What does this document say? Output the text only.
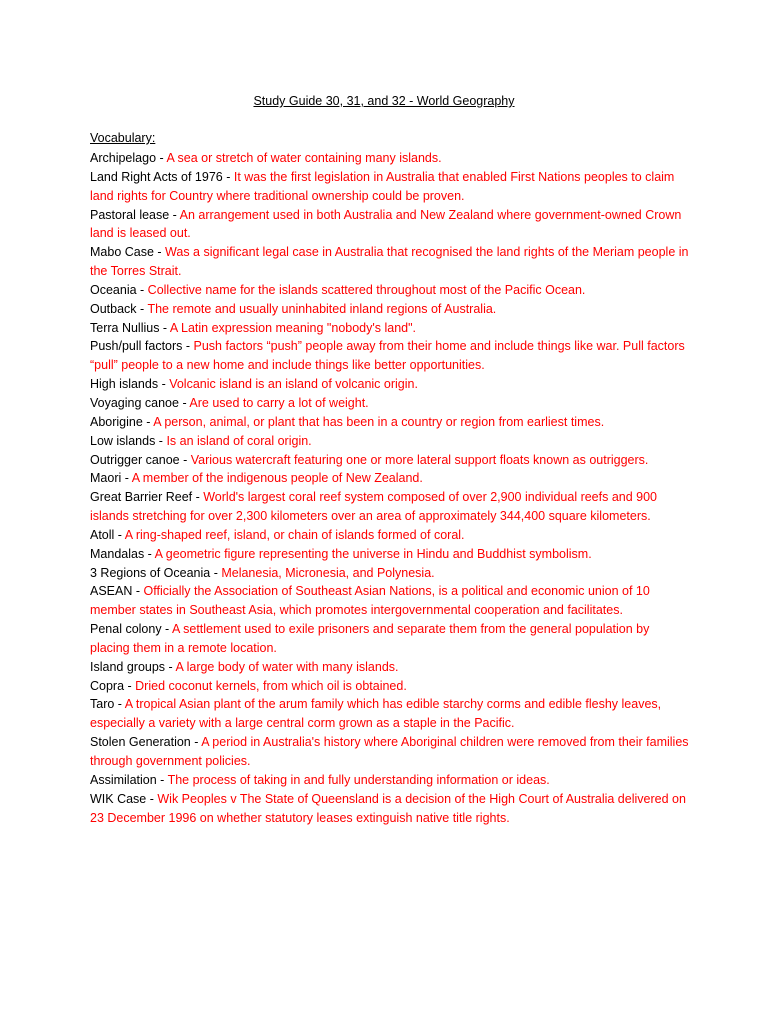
Study Guide 30, 31, and 32 - World Geography
Vocabulary:

Archipelago - A sea or stretch of water containing many islands.

Land Right Acts of 1976 - It was the first legislation in Australia that enabled First Nations peoples to claim land rights for Country where traditional ownership could be proven.

Pastoral lease - An arrangement used in both Australia and New Zealand where government-owned Crown land is leased out.

Mabo Case - Was a significant legal case in Australia that recognised the land rights of the Meriam people in the Torres Strait.

Oceania - Collective name for the islands scattered throughout most of the Pacific Ocean.

Outback - The remote and usually uninhabited inland regions of Australia.

Terra Nullius - A Latin expression meaning "nobody's land".

Push/pull factors - Push factors “push” people away from their home and include things like war. Pull factors “pull” people to a new home and include things like better opportunities.

High islands - Volcanic island is an island of volcanic origin.

Voyaging canoe - Are used to carry a lot of weight.

Aborigine - A person, animal, or plant that has been in a country or region from earliest times.

Low islands - Is an island of coral origin.

Outrigger canoe - Various watercraft featuring one or more lateral support floats known as outriggers.

Maori - A member of the indigenous people of New Zealand.

Great Barrier Reef - World's largest coral reef system composed of over 2,900 individual reefs and 900 islands stretching for over 2,300 kilometers over an area of approximately 344,400 square kilometers.

Atoll - A ring-shaped reef, island, or chain of islands formed of coral.

Mandalas - A geometric figure representing the universe in Hindu and Buddhist symbolism.

3 Regions of Oceania - Melanesia, Micronesia, and Polynesia.

ASEAN - Officially the Association of Southeast Asian Nations, is a political and economic union of 10 member states in Southeast Asia, which promotes intergovernmental cooperation and facilitates.

Penal colony - A settlement used to exile prisoners and separate them from the general population by placing them in a remote location.

Island groups - A large body of water with many islands.

Copra - Dried coconut kernels, from which oil is obtained.

Taro - A tropical Asian plant of the arum family which has edible starchy corms and edible fleshy leaves, especially a variety with a large central corm grown as a staple in the Pacific.

Stolen Generation - A period in Australia's history where Aboriginal children were removed from their families through government policies.

Assimilation - The process of taking in and fully understanding information or ideas.

WIK Case - Wik Peoples v The State of Queensland is a decision of the High Court of Australia delivered on 23 December 1996 on whether statutory leases extinguish native title rights.
